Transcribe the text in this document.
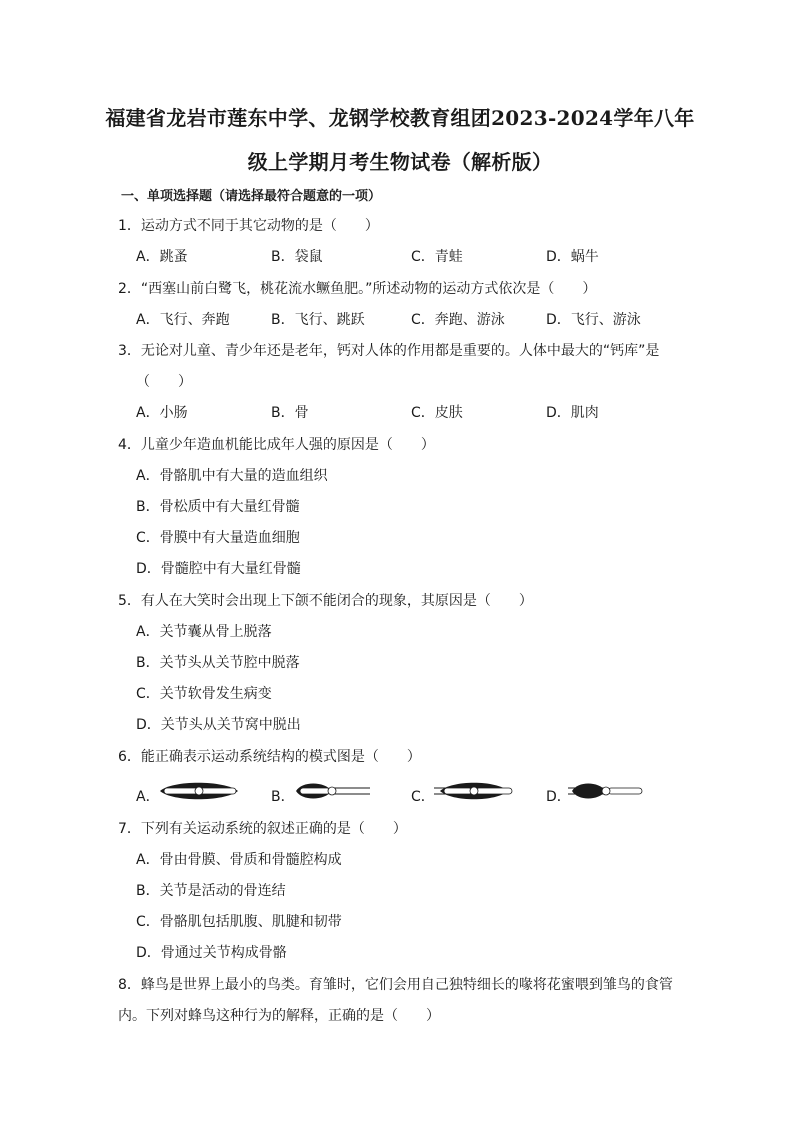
福建省龙岩市莲东中学、龙钢学校教育组团2023-2024学年八年
级上学期月考生物试卷（解析版）
一、单项选择题（请选择最符合题意的一项）
1．运动方式不同于其它动物的是（　　）
A．跳蚤	B．袋鼠	C．青蛙	D．蜗牛
2．“西塞山前白鹭飞，桃花流水鳜鱼肥。”所述动物的运动方式依次是（　　）
A．飞行、奔跑	B．飞行、跳跃	C．奔跑、游泳	D．飞行、游泳
3．无论对儿童、青少年还是老年，钙对人体的作用都是重要的。人体中最大的“钙库”是
（　　）
A．小肠	B．骨	C．皮肤	D．肌肉
4．儿童少年造血机能比成年人强的原因是（　　）
A．骨骼肌中有大量的造血组织
B．骨松质中有大量红骨髓
C．骨膜中有大量造血细胞
D．骨髓腔中有大量红骨髓
5．有人在大笑时会出现上下颌不能闭合的现象，其原因是（　　）
A．关节囊从骨上脱落
B．关节头从关节腔中脱落
C．关节软骨发生病变
D．关节头从关节窝中脱出
6．能正确表示运动系统结构的模式图是（　　）
A．	B．	C．	D．
7．下列有关运动系统的叙述正确的是（　　）
A．骨由骨膜、骨质和骨髓腔构成
B．关节是活动的骨连结
C．骨骼肌包括肌腹、肌腱和韧带
D．骨通过关节构成骨骼
8．蜂鸟是世界上最小的鸟类。育雏时，它们会用自己独特细长的喙将花蜜喂到雏鸟的食管
内。下列对蜂鸟这种行为的解释，正确的是（　　）
